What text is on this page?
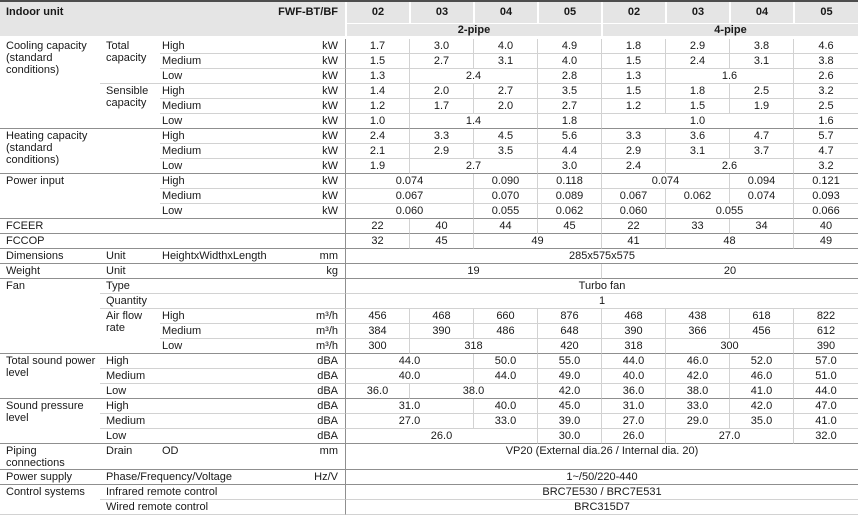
Indoor unit		FWF-BT/BF		02	03	04	05	02	03	04	05
				2-pipe				4-pipe			
Cooling capacity (standard conditions)	Total capacity	High	kW	1.7	3.0	4.0	4.9	1.8	2.9	3.8	4.6
		Medium	kW	1.5	2.7	3.1	4.0	1.5	2.4	3.1	3.8
		Low	kW	1.3	2.4		2.8	1.3	1.6		2.6
	Sensible capacity	High	kW	1.4	2.0	2.7	3.5	1.5	1.8	2.5	3.2
		Medium	kW	1.2	1.7	2.0	2.7	1.2	1.5	1.9	2.5
		Low	kW	1.0	1.4		1.8	1.0			1.6
Heating capacity (standard conditions)		High	kW	2.4	3.3	4.5	5.6	3.3	3.6	4.7	5.7
		Medium	kW	2.1	2.9	3.5	4.4	2.9	3.1	3.7	4.7
		Low	kW	1.9	2.7		3.0	2.4	2.6		3.2
Power input		High	kW	0.074		0.090	0.118	0.074		0.094	0.121
		Medium	kW	0.067		0.070	0.089	0.067	0.062	0.074	0.093
		Low	kW	0.060		0.055	0.062	0.060	0.055		0.066
FCEER				22	40	44	45	22	33	34	40
FCCOP				32	45	49		41	48		49
Dimensions	Unit	HeightxWidthxLength	mm	285x575x575							
Weight	Unit		kg	19				20			
Fan	Type			Turbo fan							
	Quantity			1							
	Air flow rate	High	m³/h	456	468	660	876	468	438	618	822
		Medium	m³/h	384	390	486	648	390	366	456	612
		Low	m³/h	300	318		420	318	300		390
Total sound power level	High		dBA	44.0		50.0	55.0	44.0	46.0	52.0	57.0
	Medium		dBA	40.0		44.0	49.0	40.0	42.0	46.0	51.0
	Low		dBA	36.0	38.0		42.0	36.0	38.0	41.0	44.0
Sound pressure level	High		dBA	31.0		40.0	45.0	31.0	33.0	42.0	47.0
	Medium		dBA	27.0		33.0	39.0	27.0	29.0	35.0	41.0
	Low		dBA	26.0			30.0	26.0	27.0		32.0
Piping connections	Drain	OD	mm	VP20 (External dia.26 / Internal dia. 20)							
Power supply	Phase/Frequency/Voltage		Hz/V	1~/50/220-440							
Control systems	Infrared remote control			BRC7E530 / BRC7E531							
	Wired remote control			BRC315D7							
